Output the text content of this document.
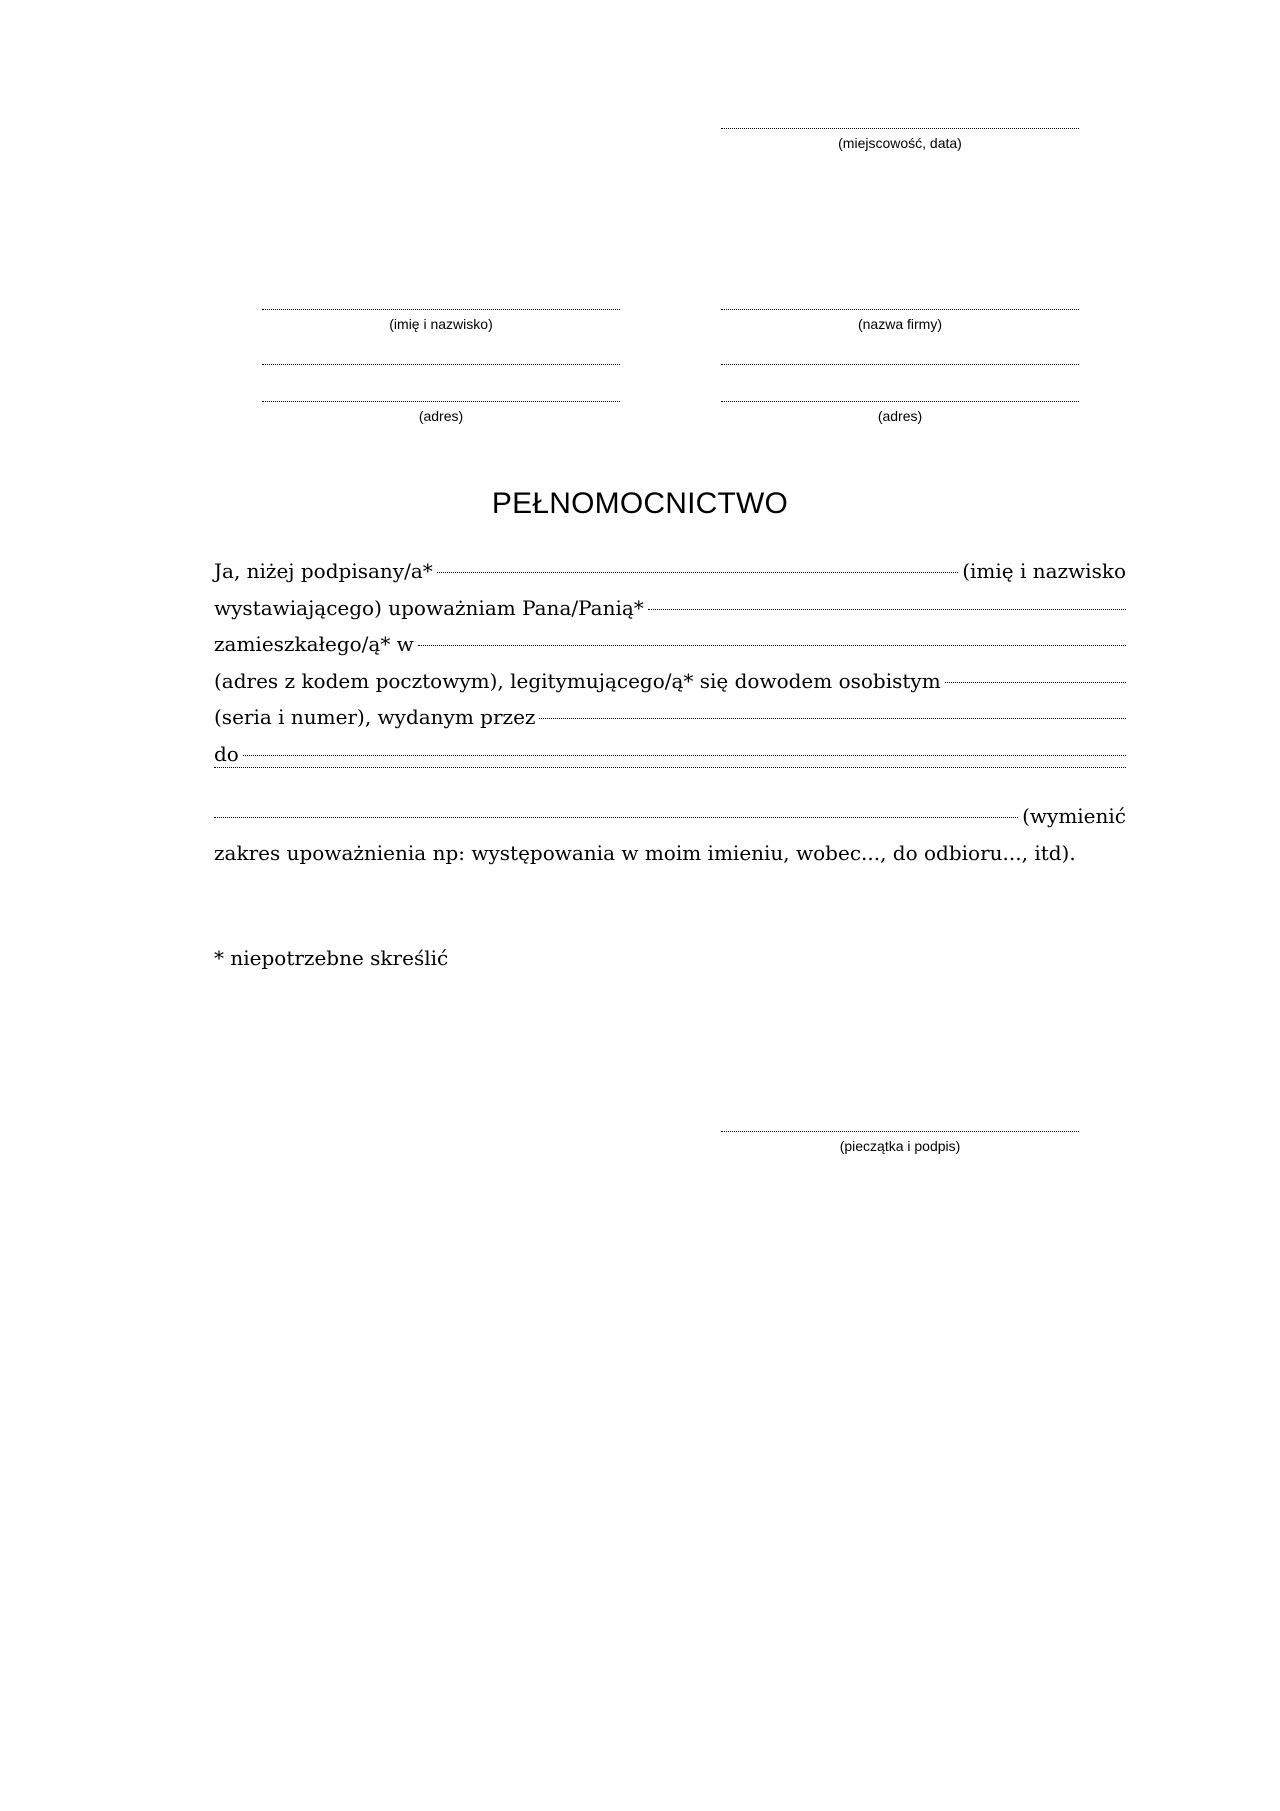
(miejscowość, data)
(imię i nazwisko)
(adres)
(nazwa firmy)
(adres)
PEŁNOMOCNICTWO
Ja, niżej podpisany/a*	(imię i nazwisko
wystawiającego) upoważniam Pana/Panią*
zamieszkałego/ą* w
(adres z kodem pocztowym), legitymującego/ą* się dowodem osobistym
(seria i numer), wydanym przez
do
(wymienić
zakres upoważnienia np: występowania w moim imieniu, wobec..., do odbioru..., itd).
* niepotrzebne skreślić
(pieczątka i podpis)
